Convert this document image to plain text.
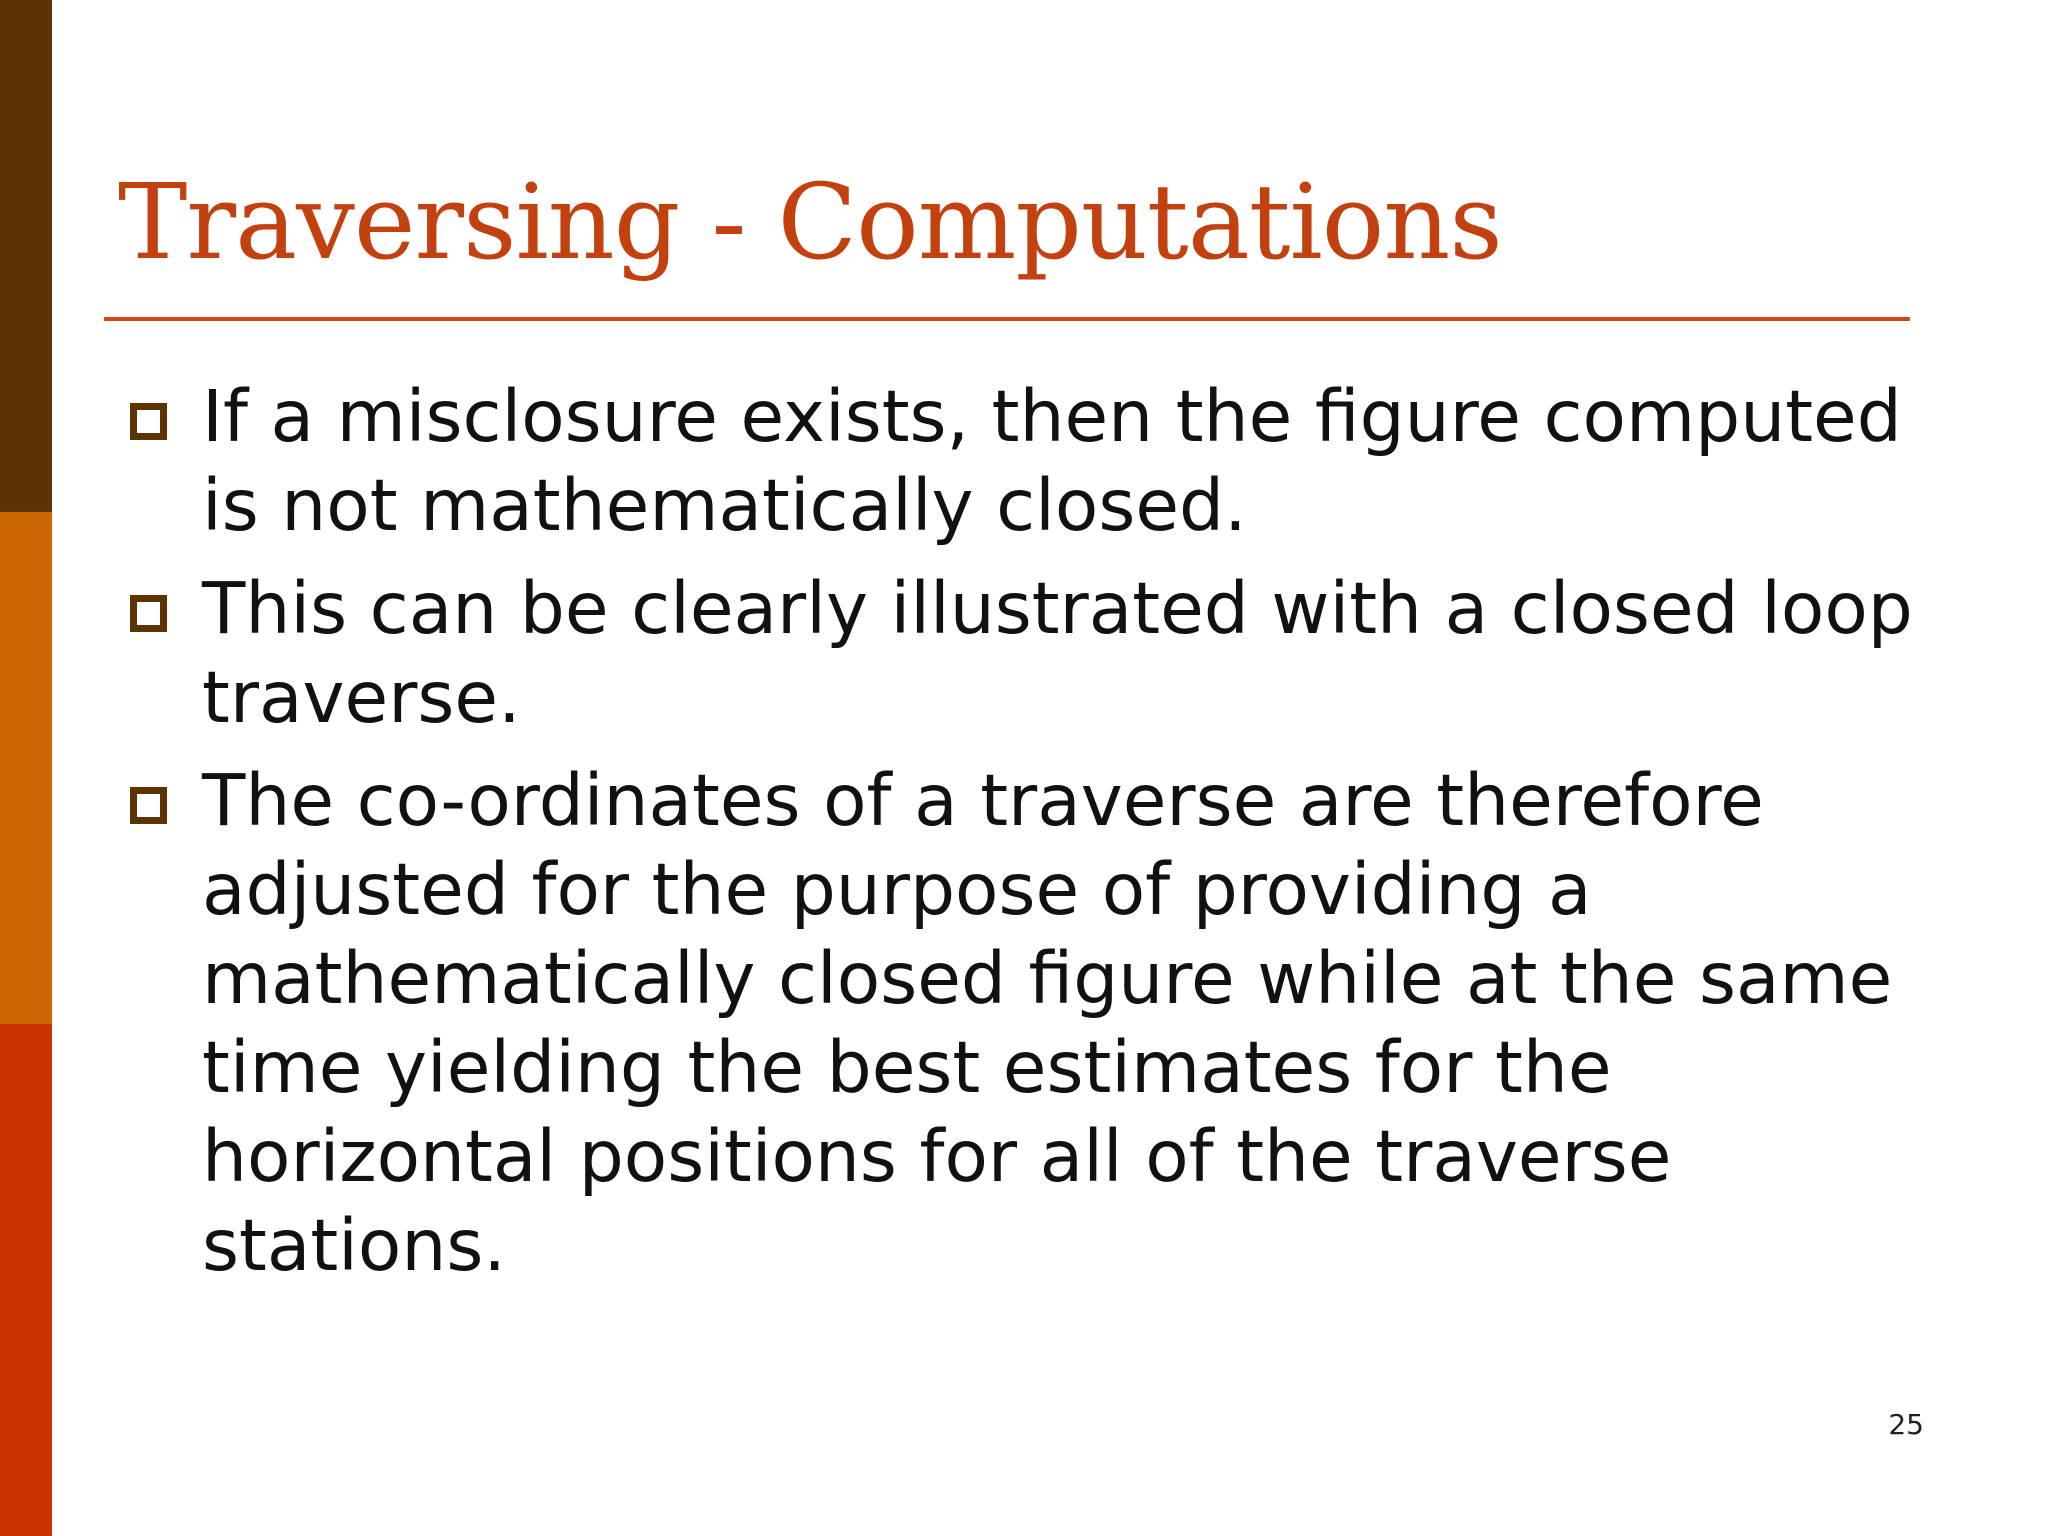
Traversing - Computations
If a misclosure exists, then the figure computed is not mathematically closed.
This can be clearly illustrated with a closed loop traverse.
The co-ordinates of a traverse are therefore adjusted for the purpose of providing a mathematically closed figure while at the same time yielding the best estimates for the horizontal positions for all of the traverse stations.
25
